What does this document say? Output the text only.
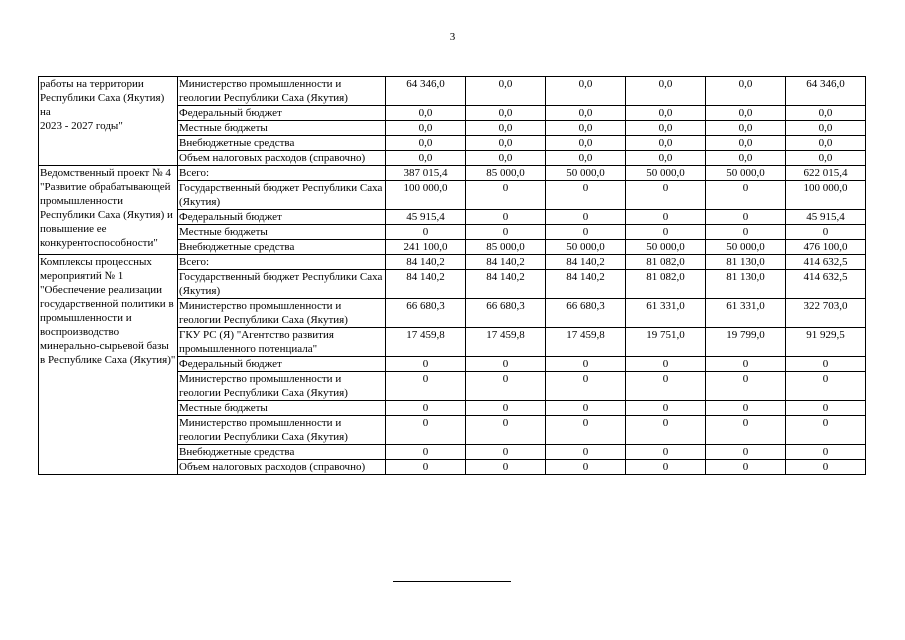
3
работы на территории Республики Саха (Якутия) на
2023 - 2027 годы"	Министерство промышленности и геологии Республики Саха (Якутия)	64 346,0	0,0	0,0	0,0	0,0	64 346,0
	Федеральный бюджет	0,0	0,0	0,0	0,0	0,0	0,0
	Местные бюджеты	0,0	0,0	0,0	0,0	0,0	0,0
	Внебюджетные средства	0,0	0,0	0,0	0,0	0,0	0,0
	Объем налоговых расходов (справочно)	0,0	0,0	0,0	0,0	0,0	0,0
Ведомственный проект № 4 "Развитие обрабатывающей промышленности Республики Саха (Якутия) и повышение ее конкурентоспособности"	Всего:	387 015,4	85 000,0	50 000,0	50 000,0	50 000,0	622 015,4
	Государственный бюджет Республики Саха (Якутия)	100 000,0	0	0	0	0	100 000,0
	Федеральный бюджет	45 915,4	0	0	0	0	45 915,4
	Местные бюджеты	0	0	0	0	0	0
	Внебюджетные средства	241 100,0	85 000,0	50 000,0	50 000,0	50 000,0	476 100,0
Комплексы процессных мероприятий № 1 "Обеспечение реализации государственной политики в промышленности и воспроизводство минерально-сырьевой базы в Республике Саха (Якутия)"	Всего:	84 140,2	84 140,2	84 140,2	81 082,0	81 130,0	414 632,5
	Государственный бюджет Республики Саха (Якутия)	84 140,2	84 140,2	84 140,2	81 082,0	81 130,0	414 632,5
	Министерство промышленности и геологии Республики Саха (Якутия)	66 680,3	66 680,3	66 680,3	61 331,0	61 331,0	322 703,0
	ГКУ РС (Я) "Агентство развития промышленного потенциала"	17 459,8	17 459,8	17 459,8	19 751,0	19 799,0	91 929,5
	Федеральный бюджет	0	0	0	0	0	0
	Министерство промышленности и геологии Республики Саха (Якутия)	0	0	0	0	0	0
	Местные бюджеты	0	0	0	0	0	0
	Министерство промышленности и геологии Республики Саха (Якутия)	0	0	0	0	0	0
	Внебюджетные средства	0	0	0	0	0	0
	Объем налоговых расходов (справочно)	0	0	0	0	0	0
